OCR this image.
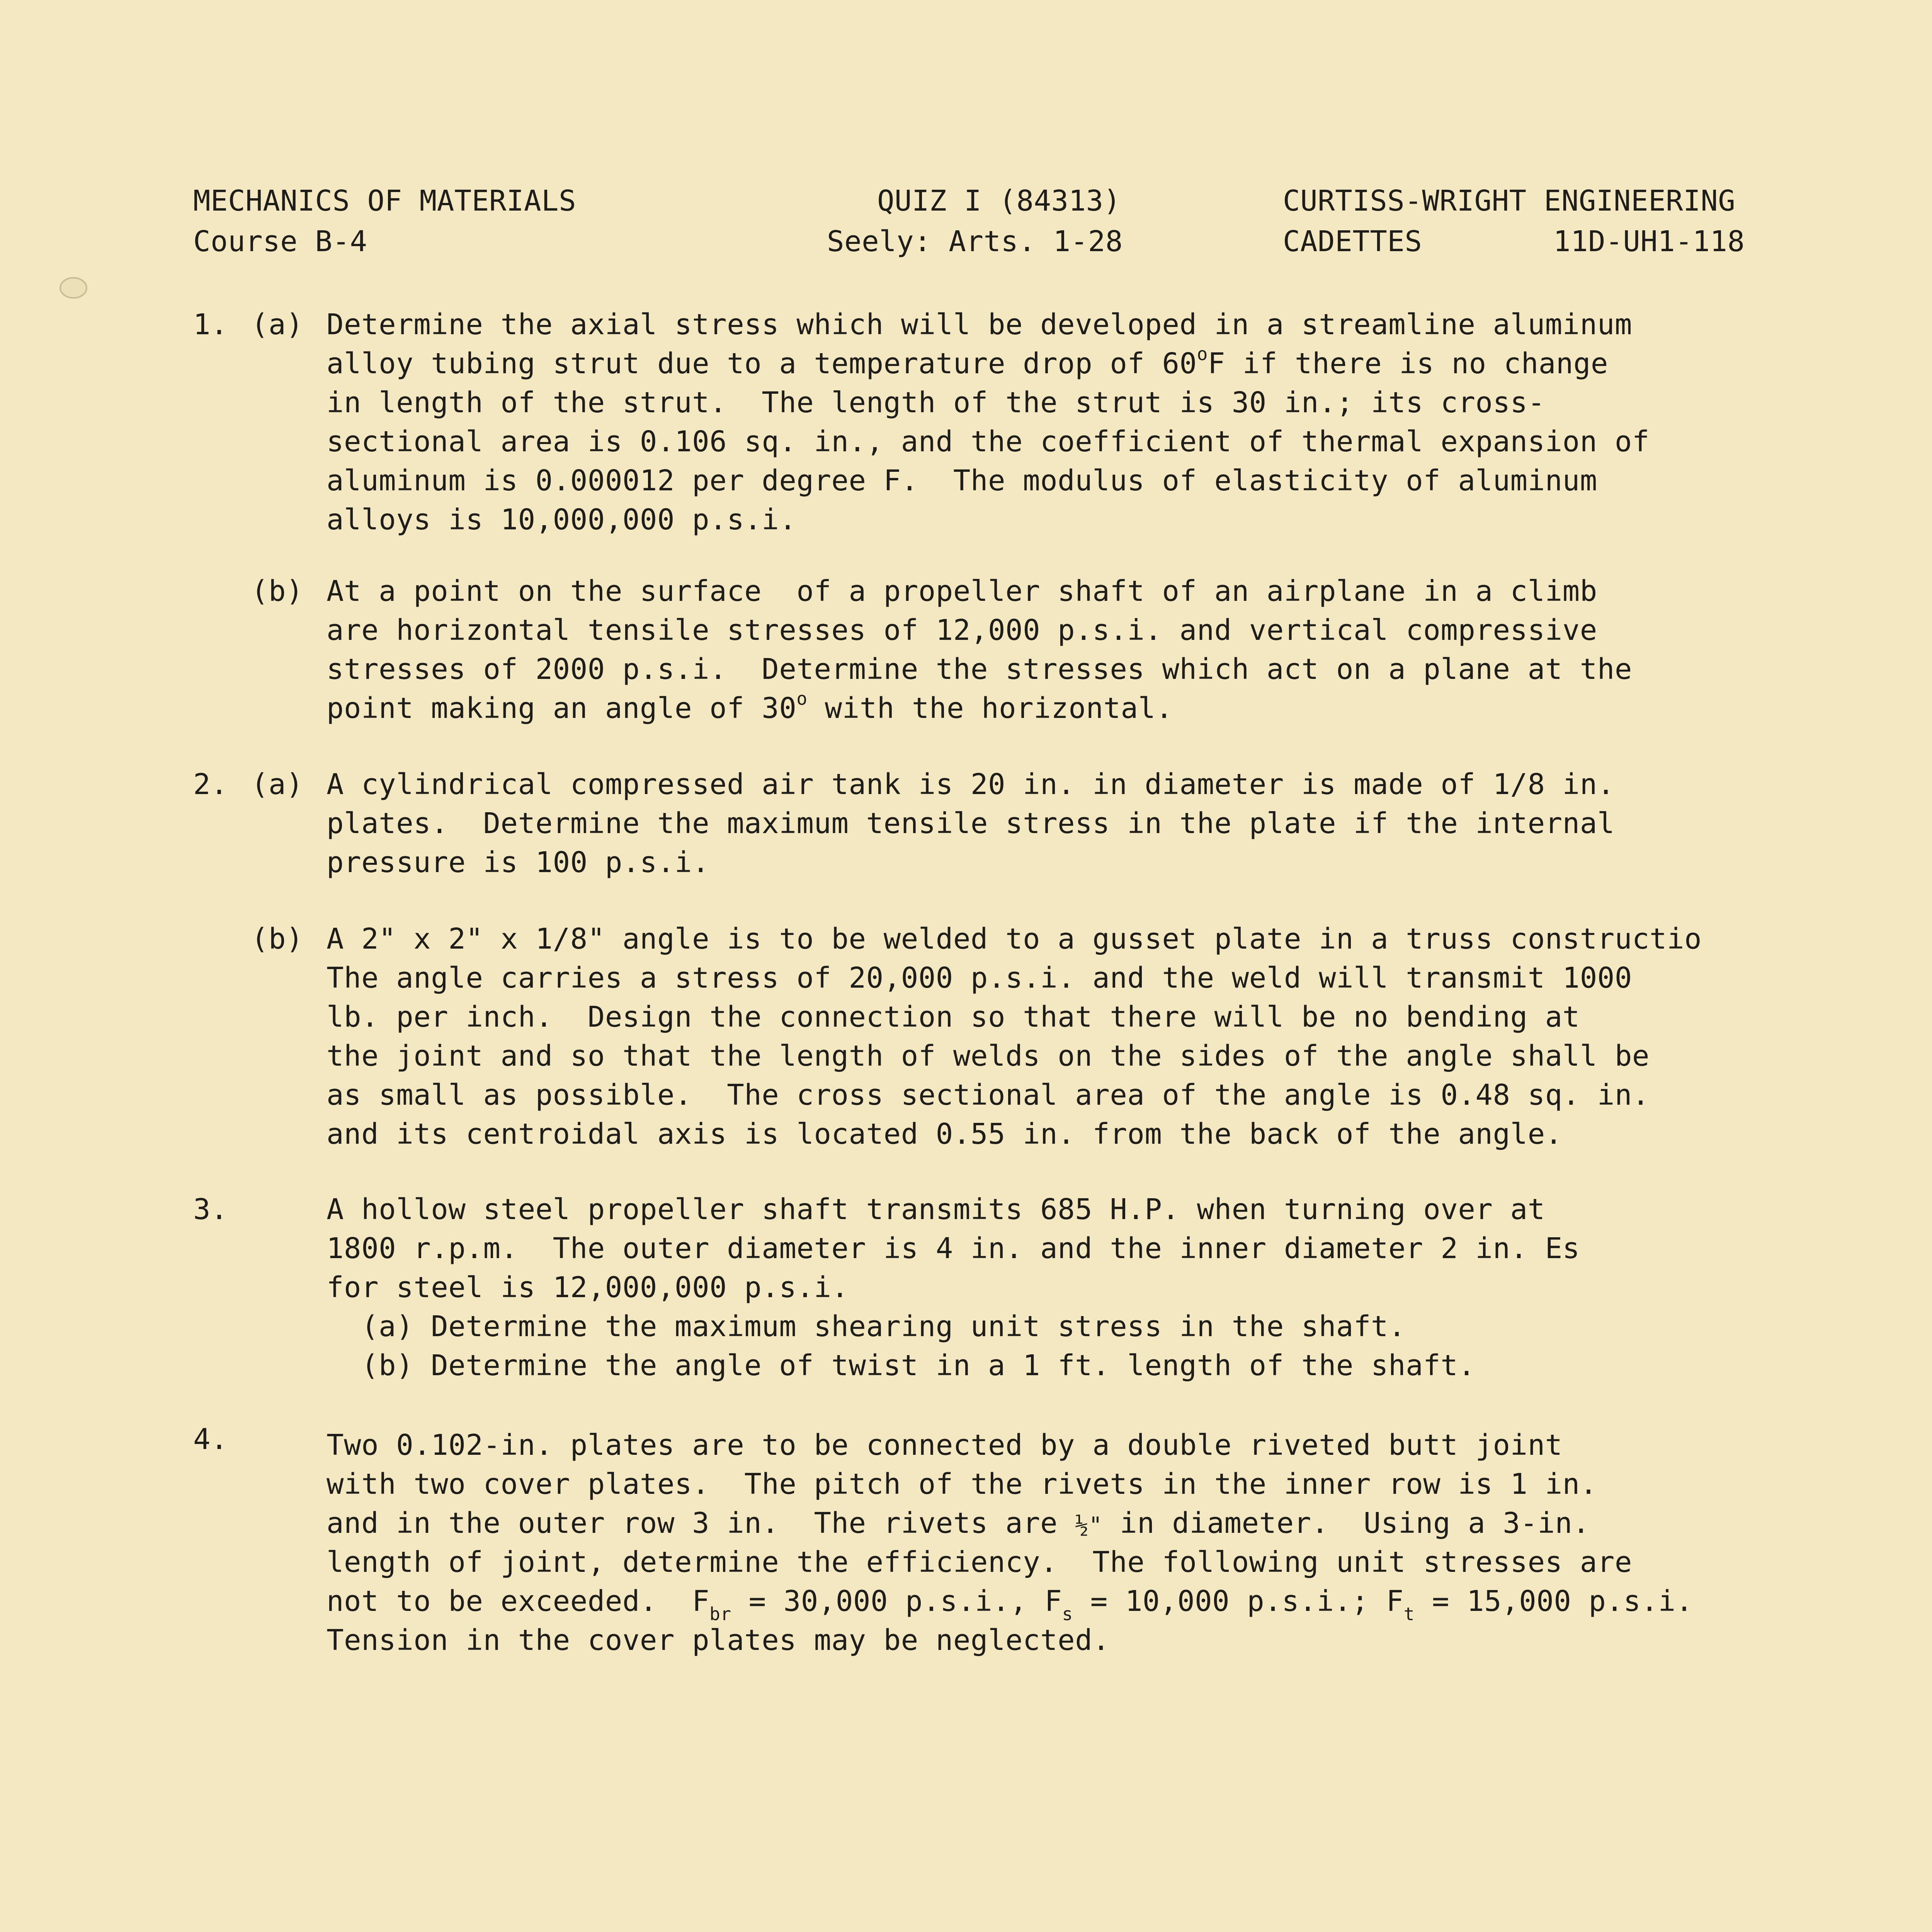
MECHANICS OF MATERIALS
Course B-4
QUIZ I (84313)
Seely: Arts. 1-28
CURTISS-WRIGHT ENGINEERING
CADETTES	11D-UH1-118
1. (a) Determine the axial stress which will be developed in a streamline aluminum
alloy tubing strut due to a temperature drop of 60$^o$F if there is no change
in length of the strut.  The length of the strut is 30 in.; its cross-
sectional area is 0.106 sq. in., and the coefficient of thermal expansion of
aluminum is 0.000012 per degree F.  The modulus of elasticity of aluminum
alloys is 10,000,000 p.s.i.
(b) At a point on the surface  of a propeller shaft of an airplane in a climb
are horizontal tensile stresses of 12,000 p.s.i. and vertical compressive
stresses of 2000 p.s.i.  Determine the stresses which act on a plane at the
point making an angle of 30$^o$ with the horizontal.
2. (a) A cylindrical compressed air tank is 20 in. in diameter is made of 1/8 in.
plates.  Determine the maximum tensile stress in the plate if the internal
pressure is 100 p.s.i.
(b) A 2" x 2" x 1/8" angle is to be welded to a gusset plate in a truss constructio
The angle carries a stress of 20,000 p.s.i. and the weld will transmit 1000
lb. per inch.  Design the connection so that there will be no bending at
the joint and so that the length of welds on the sides of the angle shall be
as small as possible.  The cross sectional area of the angle is 0.48 sq. in.
and its centroidal axis is located 0.55 in. from the back of the angle.
3.	A hollow steel propeller shaft transmits 685 H.P. when turning over at
1800 r.p.m.  The outer diameter is 4 in. and the inner diameter 2 in. Es
for steel is 12,000,000 p.s.i.
(a) Determine the maximum shearing unit stress in the shaft.
(b) Determine the angle of twist in a 1 ft. length of the shaft.
4.	Two 0.102-in. plates are to be connected by a double riveted butt joint
with two cover plates.  The pitch of the rivets in the inner row is 1 in.
and in the outer row 3 in.  The rivets are ½" in diameter.  Using a 3-in.
length of joint, determine the efficiency.  The following unit stresses are
not to be exceeded.  $F_{br} = 30,000$ p.s.i., $F_s = 10,000$ p.s.i.; $F_t = 15,000$ p.s.i.
Tension in the cover plates may be neglected.
